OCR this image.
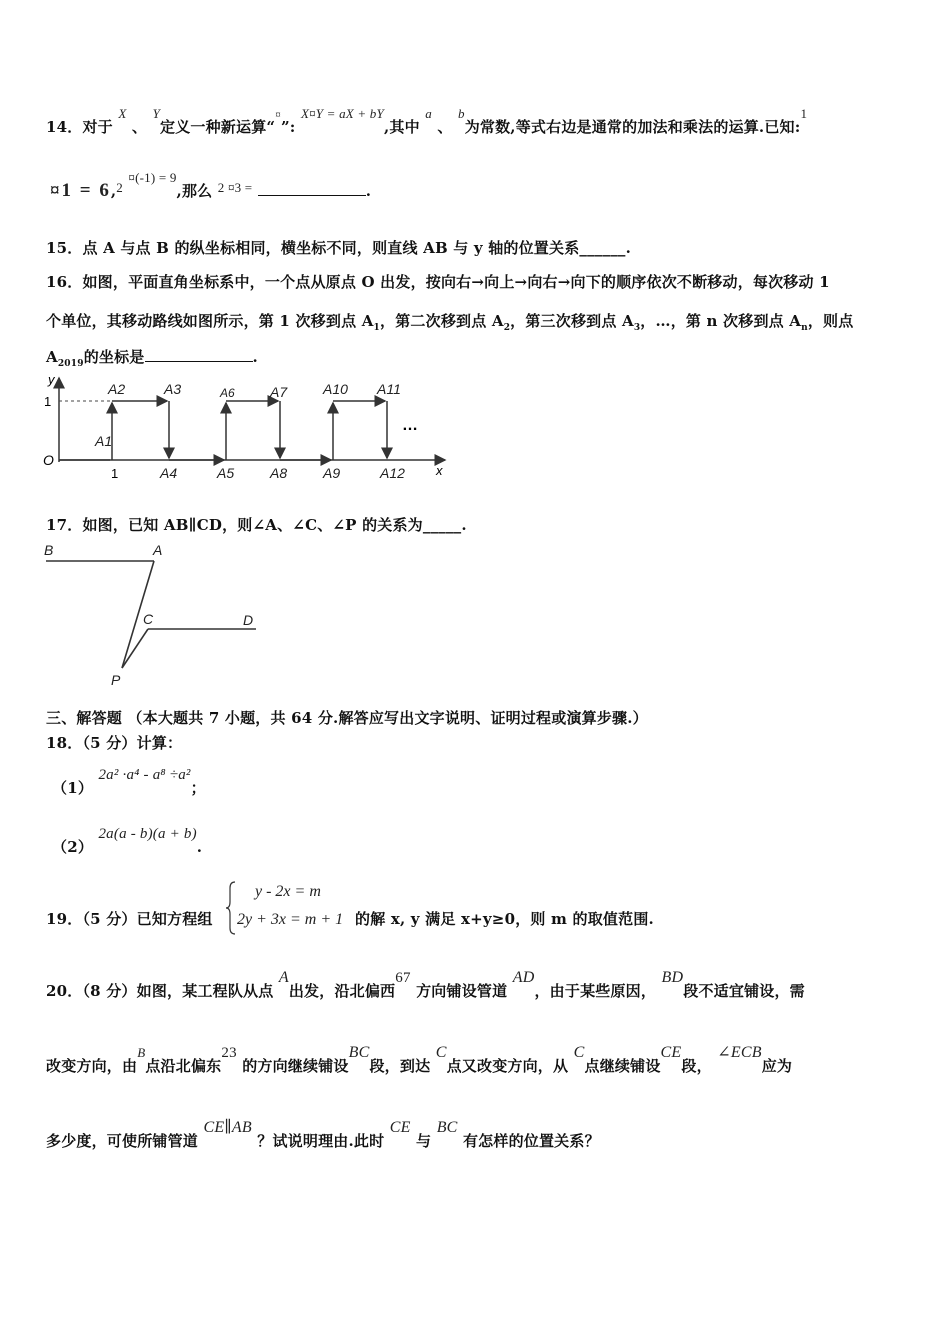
14．对于 X 、 Y定义一种新运算“¤”: X¤Y = aX + bY,其中 a 、 b为常数,等式右边是通常的加法和乘法的运算.已知:1
¤1 = 6,2 ¤(-1) = 9,那么 2 ¤3 =	.
15．点 A 与点 B 的纵坐标相同，横坐标不同，则直线 AB 与 y 轴的位置关系______.
16．如图，平面直角坐标系中，一个点从原点 O 出发，按向右→向上→向右→向下的顺序依次不断移动，每次移动 1
个单位，其移动路线如图所示，第 1 次移到点 $A_1$，第二次移到点 $A_2$，第三次移到点 $A_3$，…，第 n 次移到点 $A_n$，则点
$A_{2019}$的坐标是	.
y
1
O
1	x
…
A2	A3	A6	A7	A10 A11
A1
A4	A5	A8	A9	A12
17．如图，已知 AB∥CD，则∠A、∠C、∠P 的关系为_____.
B	A
C	D
P
三、解答题 （本大题共 7 小题，共 64 分.解答应写出文字说明、证明过程或演算步骤.）
18．（5 分）计算：
（1） 2a² ·a⁴ - a⁸ ÷a²；
（2） 2a(a - b)(a + b).
19．（5 分）已知方程组
y - 2x = m
2y + 3x = m + 1 的解 x, y 满足 x+y≥0，则 m 的取值范围.
20．（8 分）如图，某工程队从点 A出发，沿北偏西67 方向铺设管道 AD，由于某些原因， BD段不适宜铺设，需
改变方向，由B点沿北偏东23 的方向继续铺设BC段，到达 C点又改变方向，从 C点继续铺设CE段， ∠ECB应为
多少度，可使所铺管道 CE∥AB ？试说明理由.此时 CE 与 BC 有怎样的位置关系？
